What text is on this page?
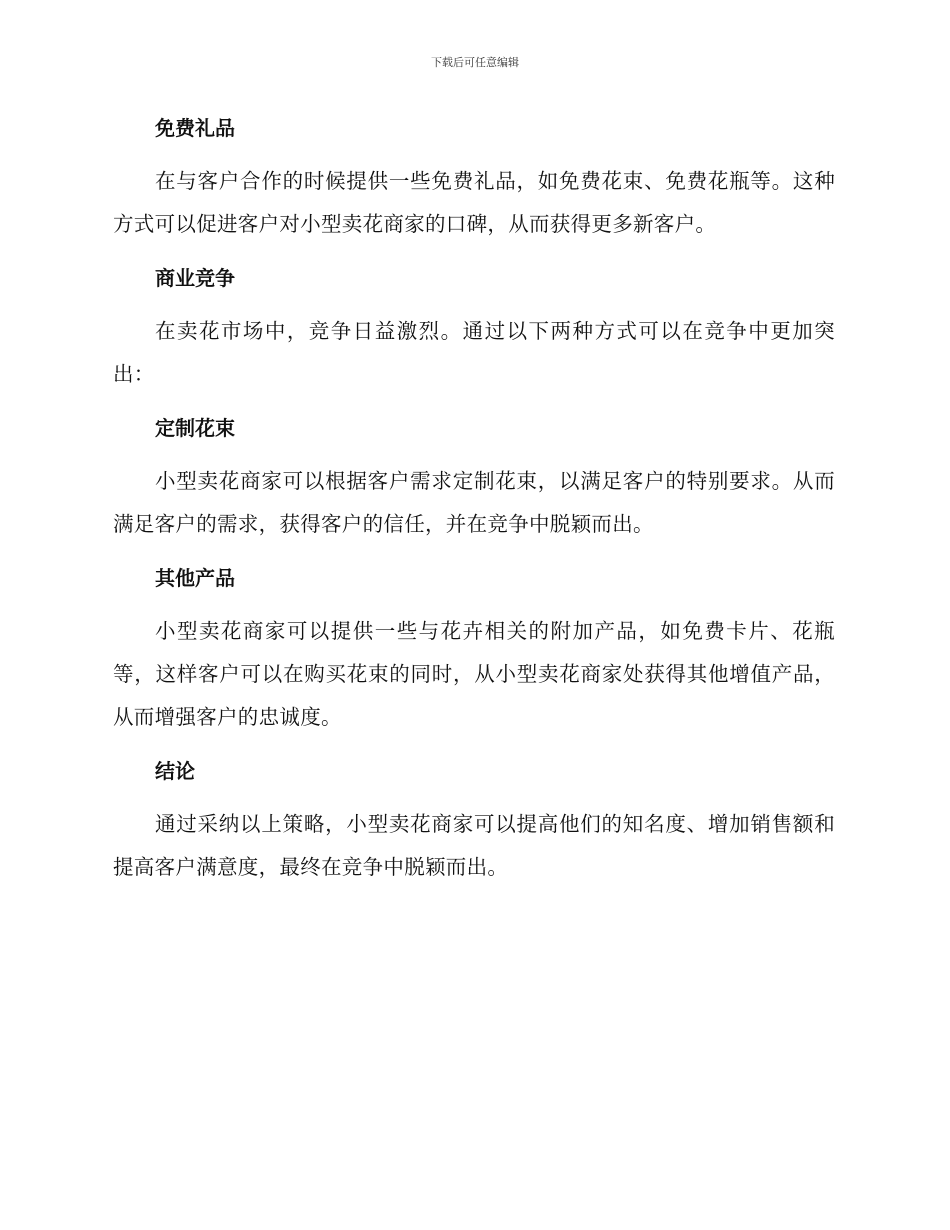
下载后可任意编辑
免费礼品
在与客户合作的时候提供一些免费礼品，如免费花束、免费花瓶等。这种方式可以促进客户对小型卖花商家的口碑，从而获得更多新客户。
商业竞争
在卖花市场中，竞争日益激烈。通过以下两种方式可以在竞争中更加突出：
定制花束
小型卖花商家可以根据客户需求定制花束，以满足客户的特别要求。从而满足客户的需求，获得客户的信任，并在竞争中脱颖而出。
其他产品
小型卖花商家可以提供一些与花卉相关的附加产品，如免费卡片、花瓶等，这样客户可以在购买花束的同时，从小型卖花商家处获得其他增值产品，从而增强客户的忠诚度。
结论
通过采纳以上策略，小型卖花商家可以提高他们的知名度、增加销售额和提高客户满意度，最终在竞争中脱颖而出。
